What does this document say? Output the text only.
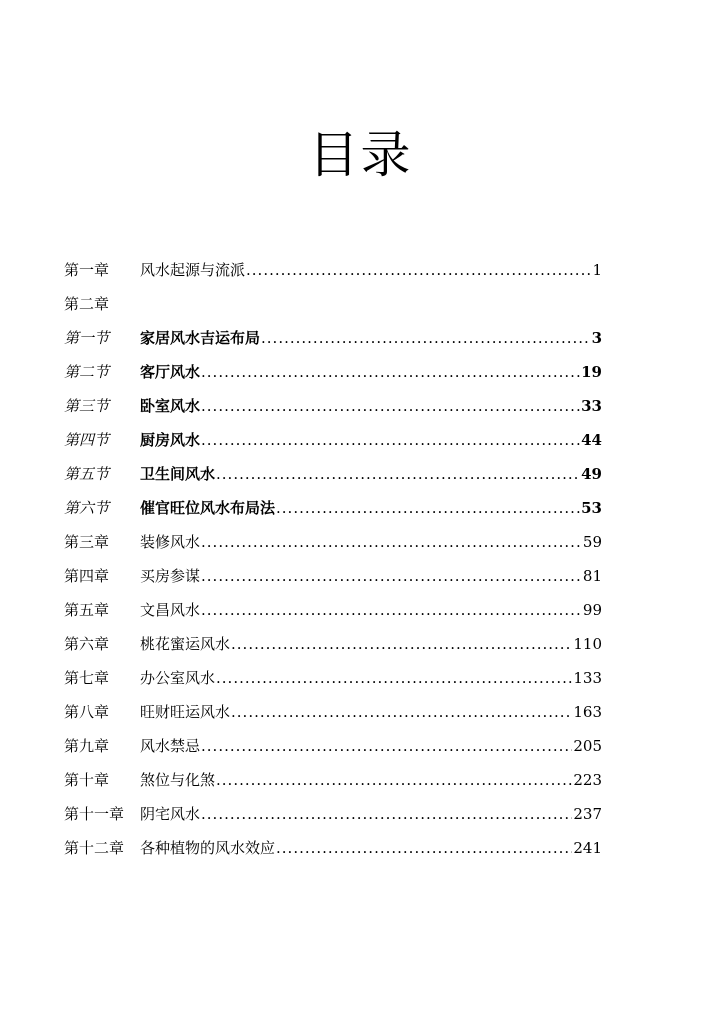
目录
第一章	风水起源与流派 .....	1
第二章
第一节	家居风水吉运布局 .....	3
第二节	客厅风水 .....	19
第三节	卧室风水 .....	33
第四节	厨房风水 .....	44
第五节	卫生间风水 .....	49
第六节	催官旺位风水布局法 .....	53
第三章	装修风水 .....	59
第四章	买房参谋 .....	81
第五章	文昌风水 .....	99
第六章	桃花蜜运风水 .....	110
第七章	办公室风水 .....	133
第八章	旺财旺运风水 .....	163
第九章	风水禁忌 .....	205
第十章	煞位与化煞 .....	223
第十一章	阴宅风水 .....	237
第十二章	各种植物的风水效应 .....	241
